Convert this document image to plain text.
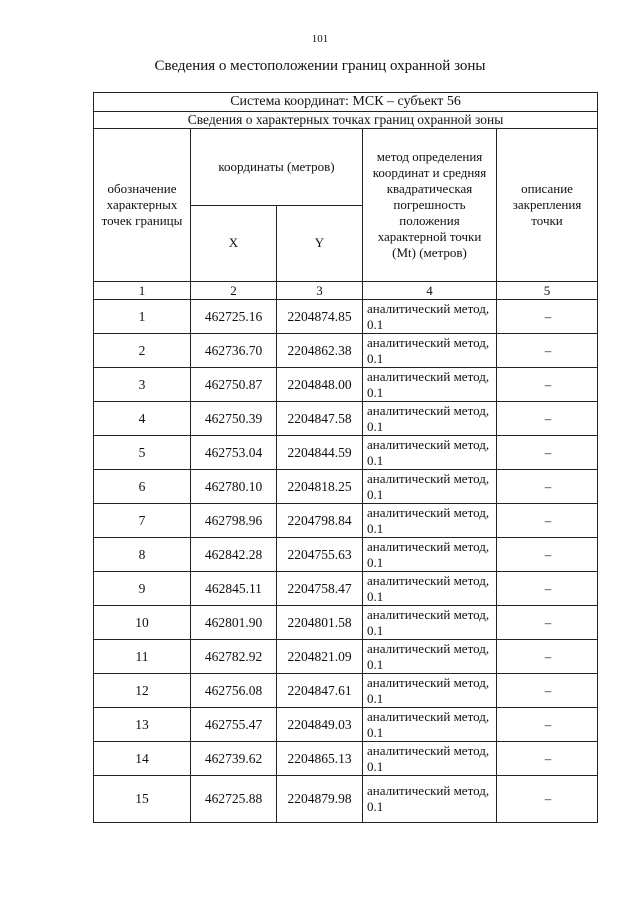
101
Сведения о местоположении границ охранной зоны
Система координат: МСК – субъект 56				
Сведения о характерных точках границ охранной зоны				
обозначение характерных точек границы	координаты (метров)		метод определения координат и средняя квадратическая погрешность положения характерной точки (Мt) (метров)	описание закрепления точки
	X	Y		
1	2	3	4	5
1	462725.16	2204874.85	аналитический метод, 0.1	–
2	462736.70	2204862.38	аналитический метод, 0.1	–
3	462750.87	2204848.00	аналитический метод, 0.1	–
4	462750.39	2204847.58	аналитический метод, 0.1	–
5	462753.04	2204844.59	аналитический метод, 0.1	–
6	462780.10	2204818.25	аналитический метод, 0.1	–
7	462798.96	2204798.84	аналитический метод, 0.1	–
8	462842.28	2204755.63	аналитический метод, 0.1	–
9	462845.11	2204758.47	аналитический метод, 0.1	–
10	462801.90	2204801.58	аналитический метод, 0.1	–
11	462782.92	2204821.09	аналитический метод, 0.1	–
12	462756.08	2204847.61	аналитический метод, 0.1	–
13	462755.47	2204849.03	аналитический метод, 0.1	–
14	462739.62	2204865.13	аналитический метод, 0.1	–
15	462725.88	2204879.98	аналитический метод, 0.1	–
